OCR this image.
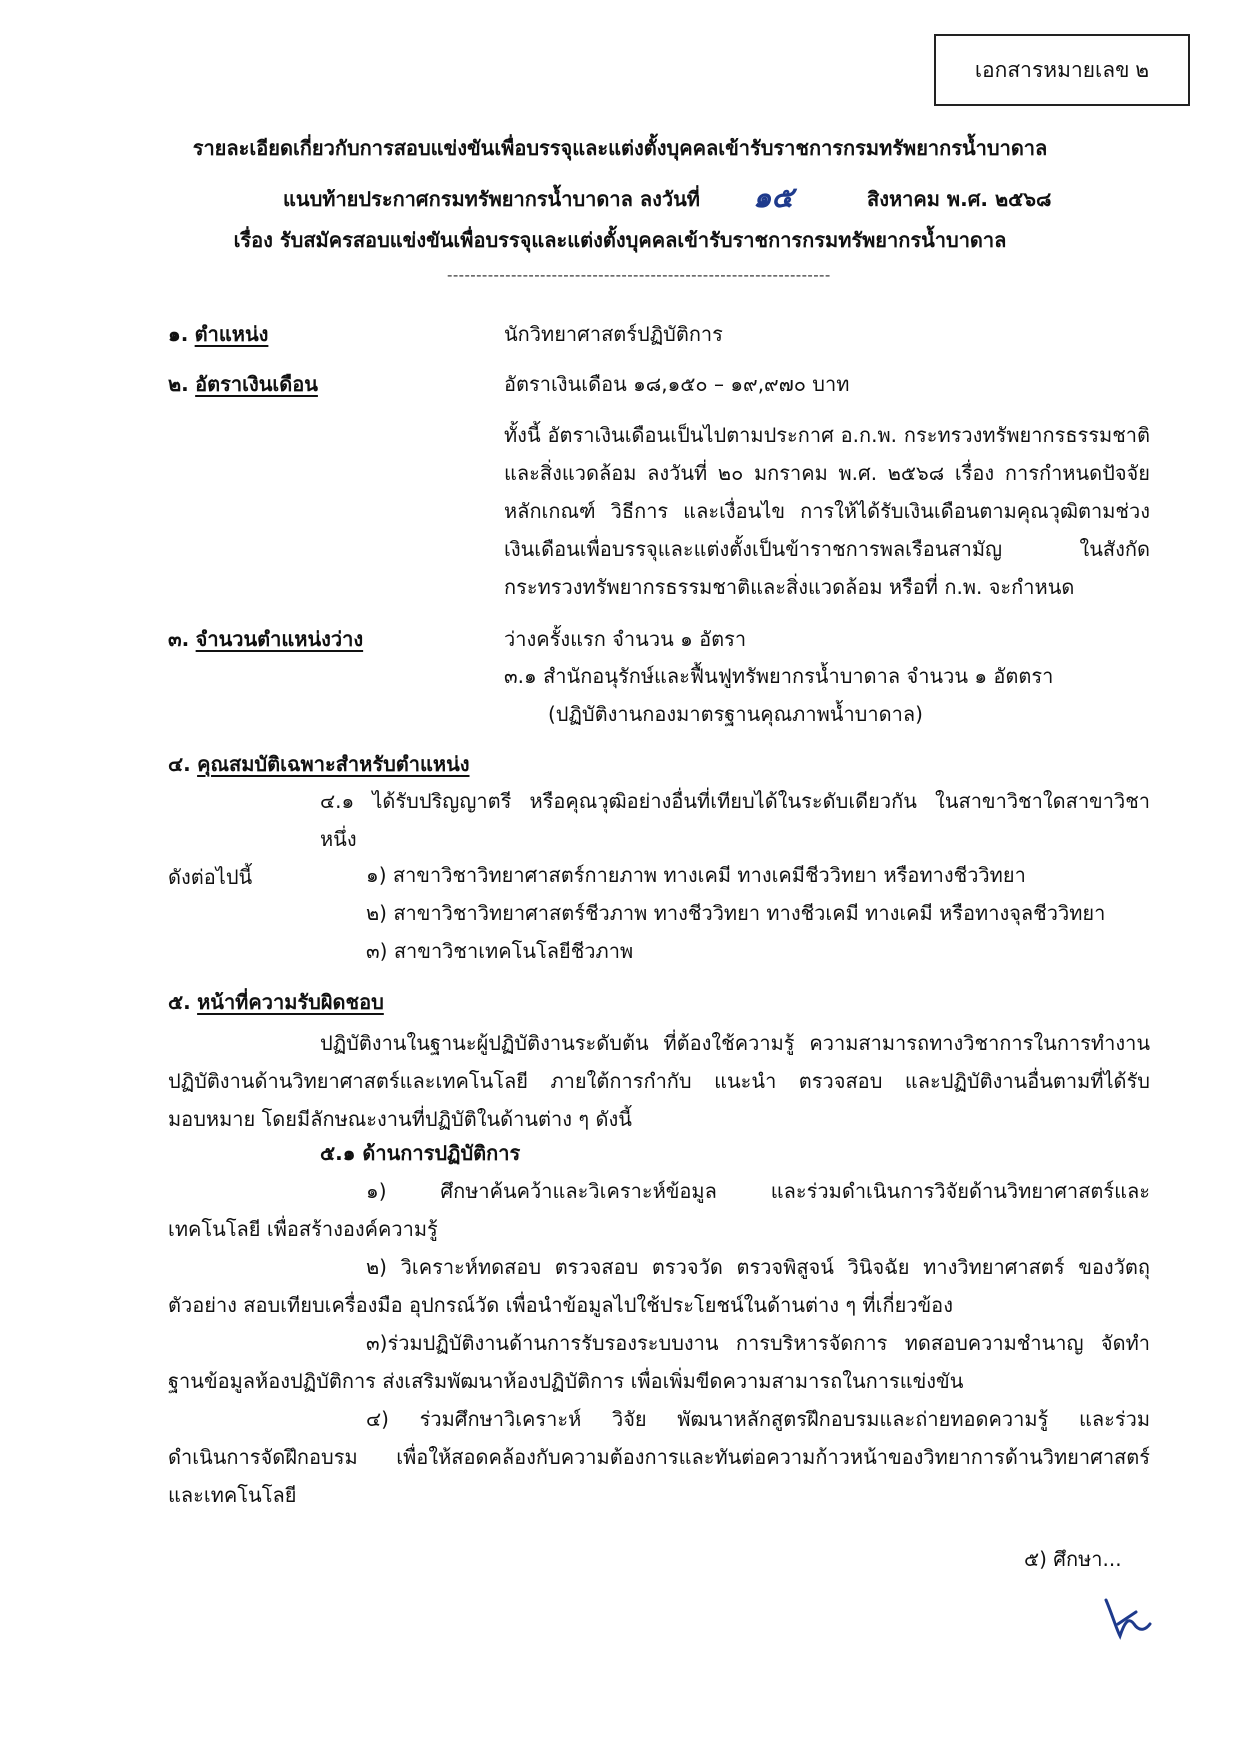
เอกสารหมายเลข ๒
รายละเอียดเกี่ยวกับการสอบแข่งขันเพื่อบรรจุและแต่งตั้งบุคคลเข้ารับราชการกรมทรัพยากรน้ำบาดาล
แนบท้ายประกาศกรมทรัพยากรน้ำบาดาล ลงวันที่ ๑๕	สิงหาคม พ.ศ. ๒๕๖๘
เรื่อง รับสมัครสอบแข่งขันเพื่อบรรจุและแต่งตั้งบุคคลเข้ารับราชการกรมทรัพยากรน้ำบาดาล
------------------------------------------------------------------
๑. ตำแหน่ง	นักวิทยาศาสตร์ปฏิบัติการ
๒. อัตราเงินเดือน	อัตราเงินเดือน ๑๘,๑๕๐ – ๑๙,๙๗๐ บาท
ทั้งนี้ อัตราเงินเดือนเป็นไปตามประกาศ อ.ก.พ. กระทรวงทรัพยากรธรรมชาติ
และสิ่งแวดล้อม ลงวันที่ ๒๐ มกราคม พ.ศ. ๒๕๖๘ เรื่อง การกำหนดปัจจัย
หลักเกณฑ์ วิธีการ และเงื่อนไข การให้ได้รับเงินเดือนตามคุณวุฒิตามช่วง
เงินเดือนเพื่อบรรจุและแต่งตั้งเป็นข้าราชการพลเรือนสามัญ ในสังกัด
กระทรวงทรัพยากรธรรมชาติและสิ่งแวดล้อม หรือที่ ก.พ. จะกำหนด
๓. จำนวนตำแหน่งว่าง	ว่างครั้งแรก จำนวน ๑ อัตรา
๓.๑ สำนักอนุรักษ์และฟื้นฟูทรัพยากรน้ำบาดาล จำนวน ๑ อัตตรา
(ปฏิบัติงานกองมาตรฐานคุณภาพน้ำบาดาล)
๔. คุณสมบัติเฉพาะสำหรับตำแหน่ง
๔.๑ ได้รับปริญญาตรี หรือคุณวุฒิอย่างอื่นที่เทียบได้ในระดับเดียวกัน ในสาขาวิชาใดสาขาวิชาหนึ่ง
ดังต่อไปนี้	๑) สาขาวิชาวิทยาศาสตร์กายภาพ ทางเคมี ทางเคมีชีววิทยา หรือทางชีววิทยา
๒) สาขาวิชาวิทยาศาสตร์ชีวภาพ ทางชีววิทยา ทางชีวเคมี ทางเคมี หรือทางจุลชีววิทยา
๓) สาขาวิชาเทคโนโลยีชีวภาพ
๕. หน้าที่ความรับผิดชอบ
ปฏิบัติงานในฐานะผู้ปฏิบัติงานระดับต้น ที่ต้องใช้ความรู้ ความสามารถทางวิชาการในการทำงาน
ปฏิบัติงานด้านวิทยาศาสตร์และเทคโนโลยี ภายใต้การกำกับ แนะนำ ตรวจสอบ และปฏิบัติงานอื่นตามที่ได้รับ
มอบหมาย โดยมีลักษณะงานที่ปฏิบัติในด้านต่าง ๆ ดังนี้
๕.๑ ด้านการปฏิบัติการ
๑) ศึกษาค้นคว้าและวิเคราะห์ข้อมูล และร่วมดำเนินการวิจัยด้านวิทยาศาสตร์และ
เทคโนโลยี เพื่อสร้างองค์ความรู้
๒) วิเคราะห์ทดสอบ ตรวจสอบ ตรวจวัด ตรวจพิสูจน์ วินิจฉัย ทางวิทยาศาสตร์ ของวัตถุ
ตัวอย่าง สอบเทียบเครื่องมือ อุปกรณ์วัด เพื่อนำข้อมูลไปใช้ประโยชน์ในด้านต่าง ๆ ที่เกี่ยวข้อง
๓)ร่วมปฏิบัติงานด้านการรับรองระบบงาน การบริหารจัดการ ทดสอบความชำนาญ จัดทำ
ฐานข้อมูลห้องปฏิบัติการ ส่งเสริมพัฒนาห้องปฏิบัติการ เพื่อเพิ่มขีดความสามารถในการแข่งขัน
๔) ร่วมศึกษาวิเคราะห์ วิจัย พัฒนาหลักสูตรฝึกอบรมและถ่ายทอดความรู้ และร่วม
ดำเนินการจัดฝึกอบรม เพื่อให้สอดคล้องกับความต้องการและทันต่อความก้าวหน้าของวิทยาการด้านวิทยาศาสตร์
และเทคโนโลยี
๕) ศึกษา...
